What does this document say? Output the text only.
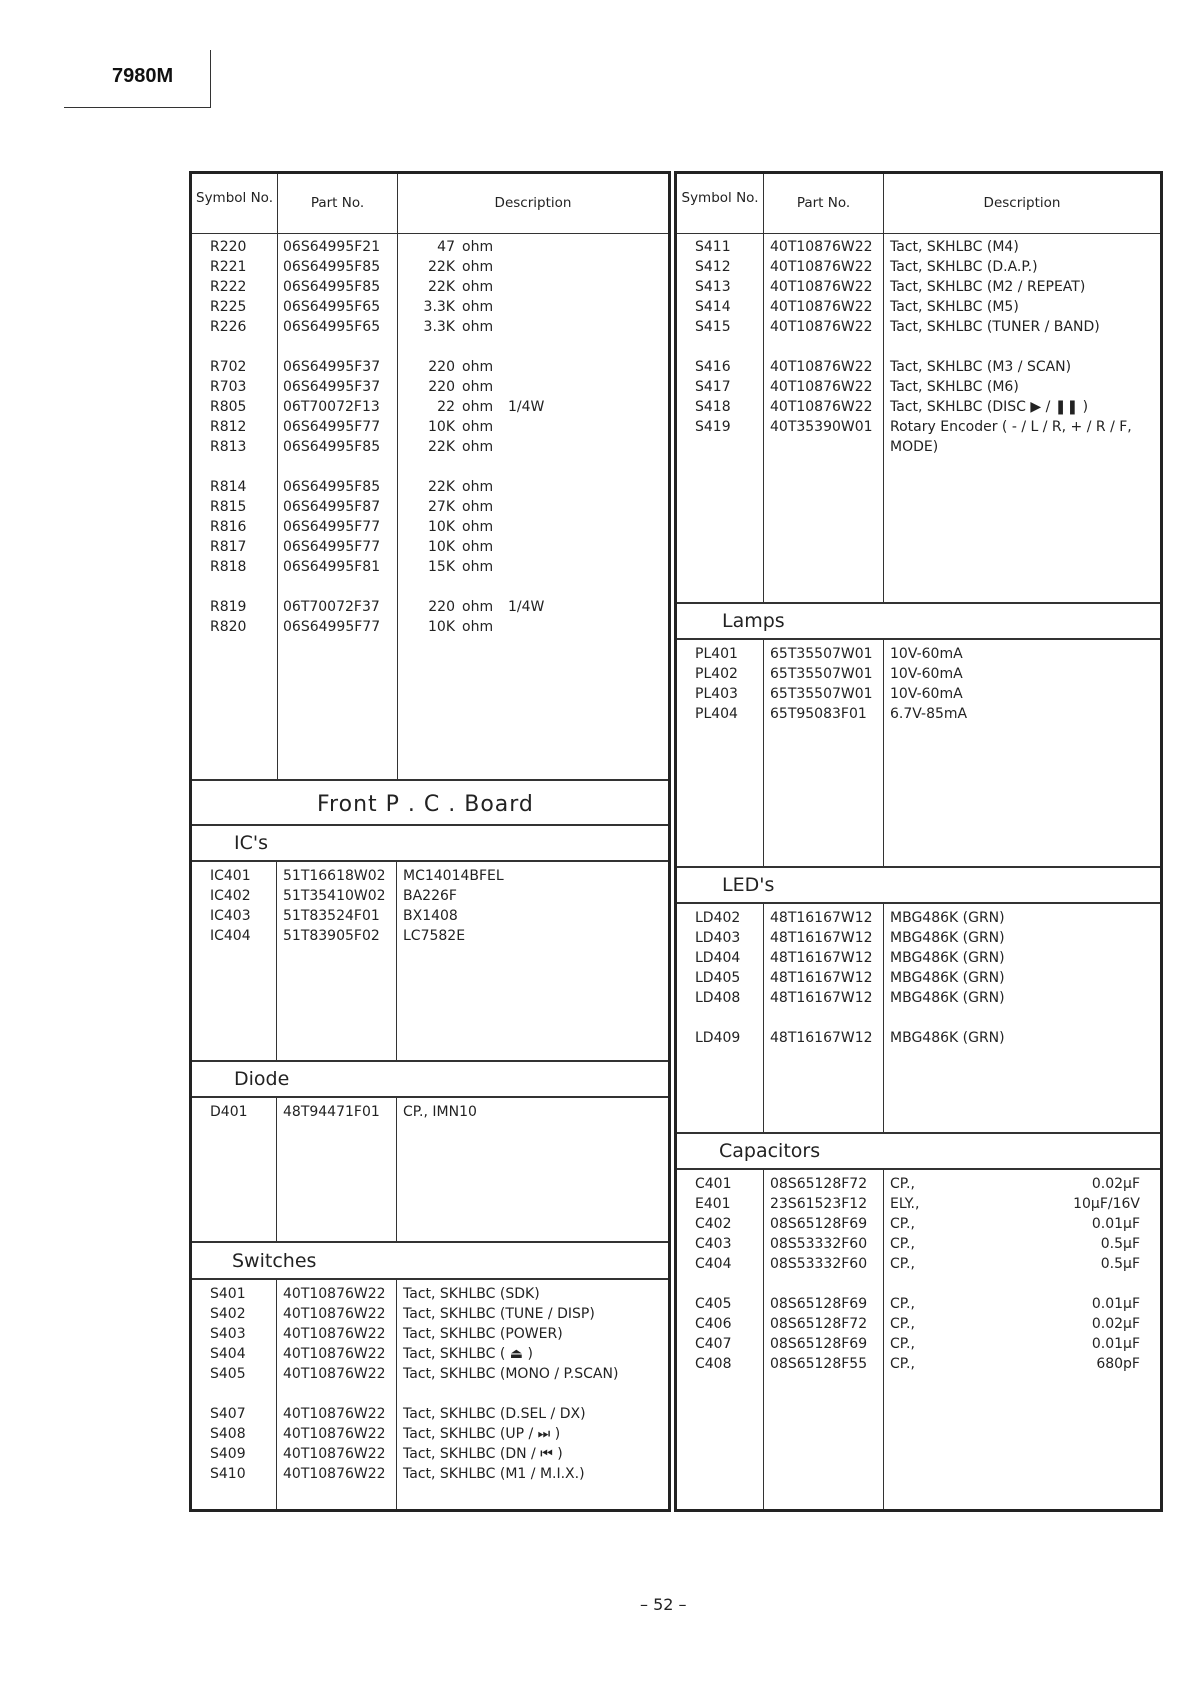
7980M
Symbol No.	Part No.	Description
R220	06S64995F21	47 ohm
R221	06S64995F85	22K ohm
R222	06S64995F85	22K ohm
R225	06S64995F65	3.3K ohm
R226	06S64995F65	3.3K ohm
R702	06S64995F37	220 ohm
R703	06S64995F37	220 ohm
R805	06T70072F13	22 ohm 1/4W
R812	06S64995F77	10K ohm
R813	06S64995F85	22K ohm
R814	06S64995F85	22K ohm
R815	06S64995F87	27K ohm
R816	06S64995F77	10K ohm
R817	06S64995F77	10K ohm
R818	06S64995F81	15K ohm
R819	06T70072F37	220 ohm 1/4W
R820	06S64995F77	10K ohm
Front P . C . Board
IC's
IC401 51T16618W02 MC14014BFEL
IC402 51T35410W02 BA226F
IC403 51T83524F01 BX1408
IC404 51T83905F02 LC7582E
Diode
D401	48T94471F01 CP., IMN10
Switches
S401	40T10876W22 Tact, SKHLBC (SDK)
S402	40T10876W22 Tact, SKHLBC (TUNE / DISP)
S403	40T10876W22 Tact, SKHLBC (POWER)
S404	40T10876W22 Tact, SKHLBC ( ⏏ )
S405	40T10876W22 Tact, SKHLBC (MONO / P.SCAN)
S407	40T10876W22 Tact, SKHLBC (D.SEL / DX)
S408	40T10876W22 Tact, SKHLBC (UP / ⏭ )
S409	40T10876W22 Tact, SKHLBC (DN / ⏮ )
S410	40T10876W22 Tact, SKHLBC (M1 / M.I.X.)
Symbol No.	Part No.	Description
S411	40T10876W22 Tact, SKHLBC (M4)
S412	40T10876W22 Tact, SKHLBC (D.A.P.)
S413	40T10876W22 Tact, SKHLBC (M2 / REPEAT)
S414	40T10876W22 Tact, SKHLBC (M5)
S415	40T10876W22 Tact, SKHLBC (TUNER / BAND)
S416	40T10876W22 Tact, SKHLBC (M3 / SCAN)
S417	40T10876W22 Tact, SKHLBC (M6)
S418	40T10876W22 Tact, SKHLBC (DISC ▶ / ❚❚ )
S419	40T35390W01 Rotary Encoder ( - / L / R, + / R / F, MODE)
Lamps
PL401 65T35507W01 10V-60mA
PL402 65T35507W01 10V-60mA
PL403 65T35507W01 10V-60mA
PL404 65T95083F01 6.7V-85mA
LED's
LD402 48T16167W12 MBG486K (GRN)
LD403 48T16167W12 MBG486K (GRN)
LD404 48T16167W12 MBG486K (GRN)
LD405 48T16167W12 MBG486K (GRN)
LD408 48T16167W12 MBG486K (GRN)
LD409 48T16167W12 MBG486K (GRN)
Capacitors
C401	08S65128F72 CP.,	0.02μF
E401	23S61523F12 ELY.,	10μF/16V
C402	08S65128F69 CP.,	0.01μF
C403	08S53332F60 CP.,	0.5μF
C404	08S53332F60 CP.,	0.5μF
C405	08S65128F69 CP.,	0.01μF
C406	08S65128F72 CP.,	0.02μF
C407	08S65128F69 CP.,	0.01μF
C408	08S65128F55 CP.,	680pF
– 52 –
